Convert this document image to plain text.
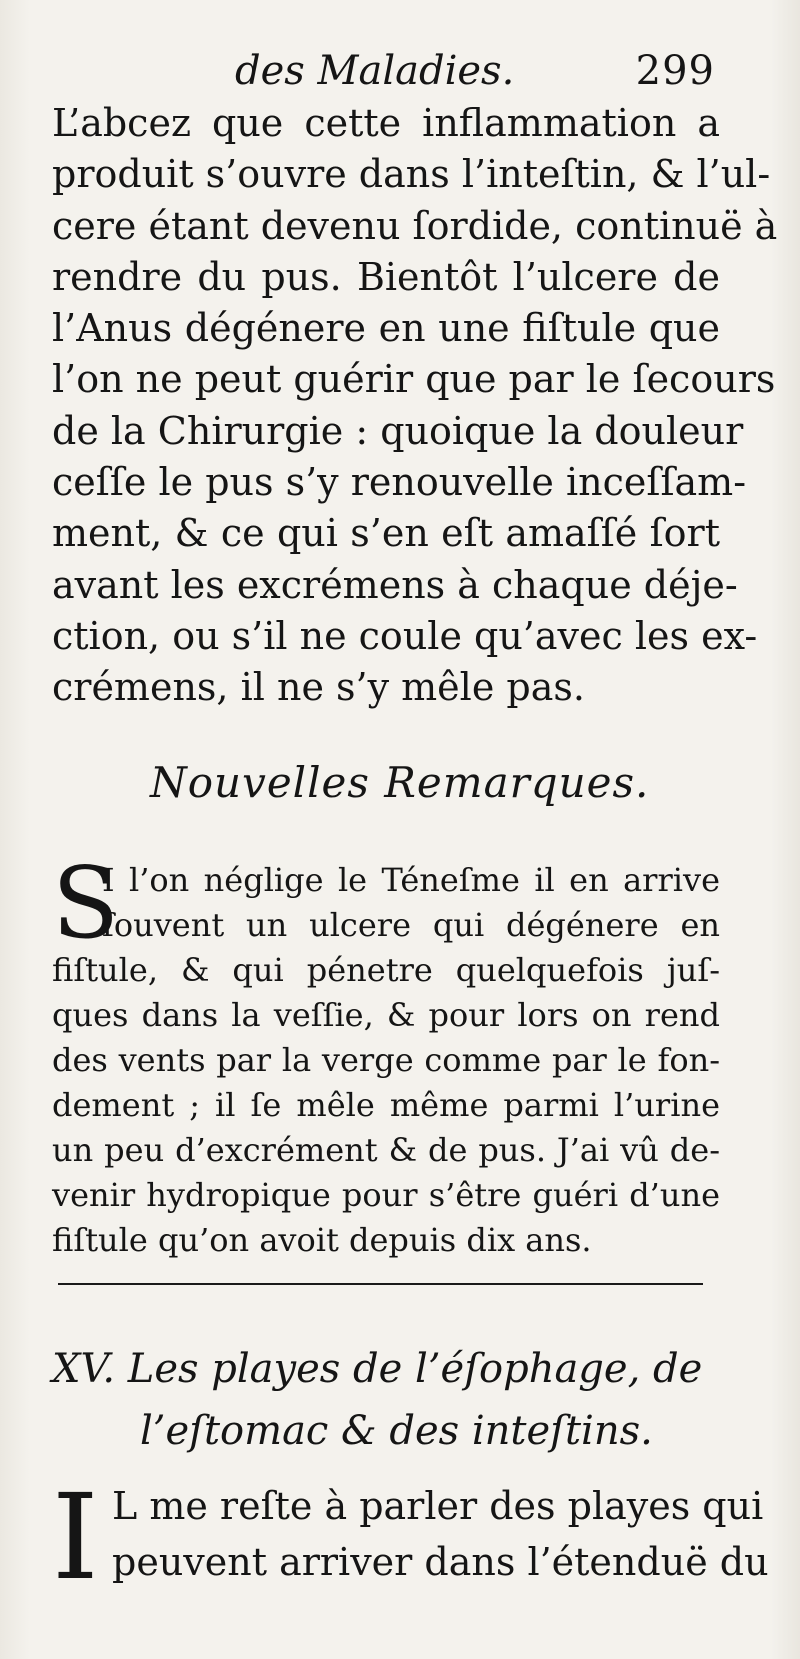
des Maladies.	299
L’abcez que cette inflammation a
produit s’ouvre dans l’inteſtin, & l’ul-
cere étant devenu ſordide, continuë à
rendre du pus. Bientôt l’ulcere de
l’Anus dégénere en une fiſtule que
l’on ne peut guérir que par le ſecours
de la Chirurgie : quoique la douleur
ceſſe le pus s’y renouvelle inceſſam-
ment, & ce qui s’en eſt amaſſé ſort
avant les excrémens à chaque déje-
ction, ou s’il ne coule qu’avec les ex-
crémens, il ne s’y mêle pas.
Nouvelles Remarques.
S
I l’on néglige le Téneſme il en arrive
ſouvent un ulcere qui dégénere en
fiſtule, & qui pénetre quelquefois juſ-
ques dans la veſſie, & pour lors on rend
des vents par la verge comme par le fon-
dement ; il ſe mêle même parmi l’urine
un peu d’excrément & de pus. J’ai vû de-
venir hydropique pour s’être guéri d’une
fiſtule qu’on avoit depuis dix ans.
XV. Les playes de l’éſophage, de
l’eſtomac & des inteſtins.
I L me reſte à parler des playes qui
peuvent arriver dans l’étenduë du
